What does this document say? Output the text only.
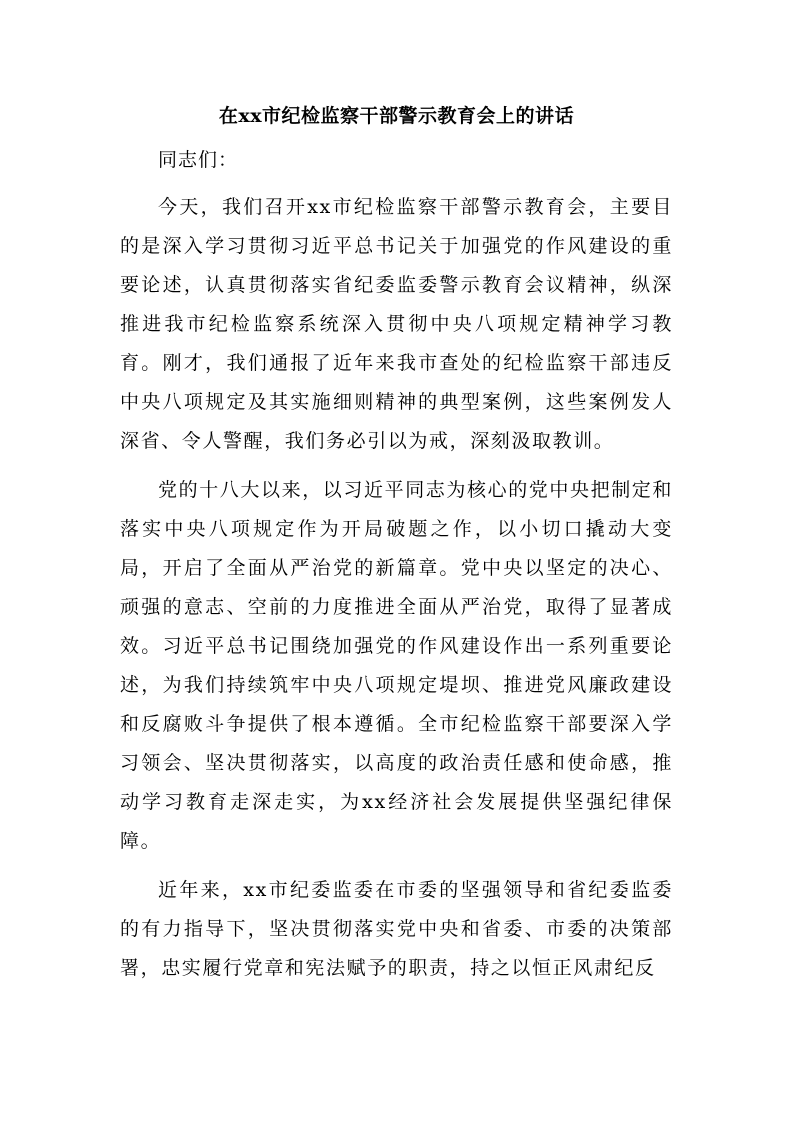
在xx市纪检监察干部警示教育会上的讲话

同志们：

今天，我们召开xx市纪检监察干部警示教育会，主要目的是深入学习贯彻习近平总书记关于加强党的作风建设的重要论述，认真贯彻落实省纪委监委警示教育会议精神，纵深推进我市纪检监察系统深入贯彻中央八项规定精神学习教育。刚才，我们通报了近年来我市查处的纪检监察干部违反中央八项规定及其实施细则精神的典型案例，这些案例发人深省、令人警醒，我们务必引以为戒，深刻汲取教训。

党的十八大以来，以习近平同志为核心的党中央把制定和落实中央八项规定作为开局破题之作，以小切口撬动大变局，开启了全面从严治党的新篇章。党中央以坚定的决心、顽强的意志、空前的力度推进全面从严治党，取得了显著成效。习近平总书记围绕加强党的作风建设作出一系列重要论述，为我们持续筑牢中央八项规定堤坝、推进党风廉政建设和反腐败斗争提供了根本遵循。全市纪检监察干部要深入学习领会、坚决贯彻落实，以高度的政治责任感和使命感，推动学习教育走深走实，为xx经济社会发展提供坚强纪律保障。

近年来，xx市纪委监委在市委的坚强领导和省纪委监委的有力指导下，坚决贯彻落实党中央和省委、市委的决策部署，忠实履行党章和宪法赋予的职责，持之以恒正风肃纪反
